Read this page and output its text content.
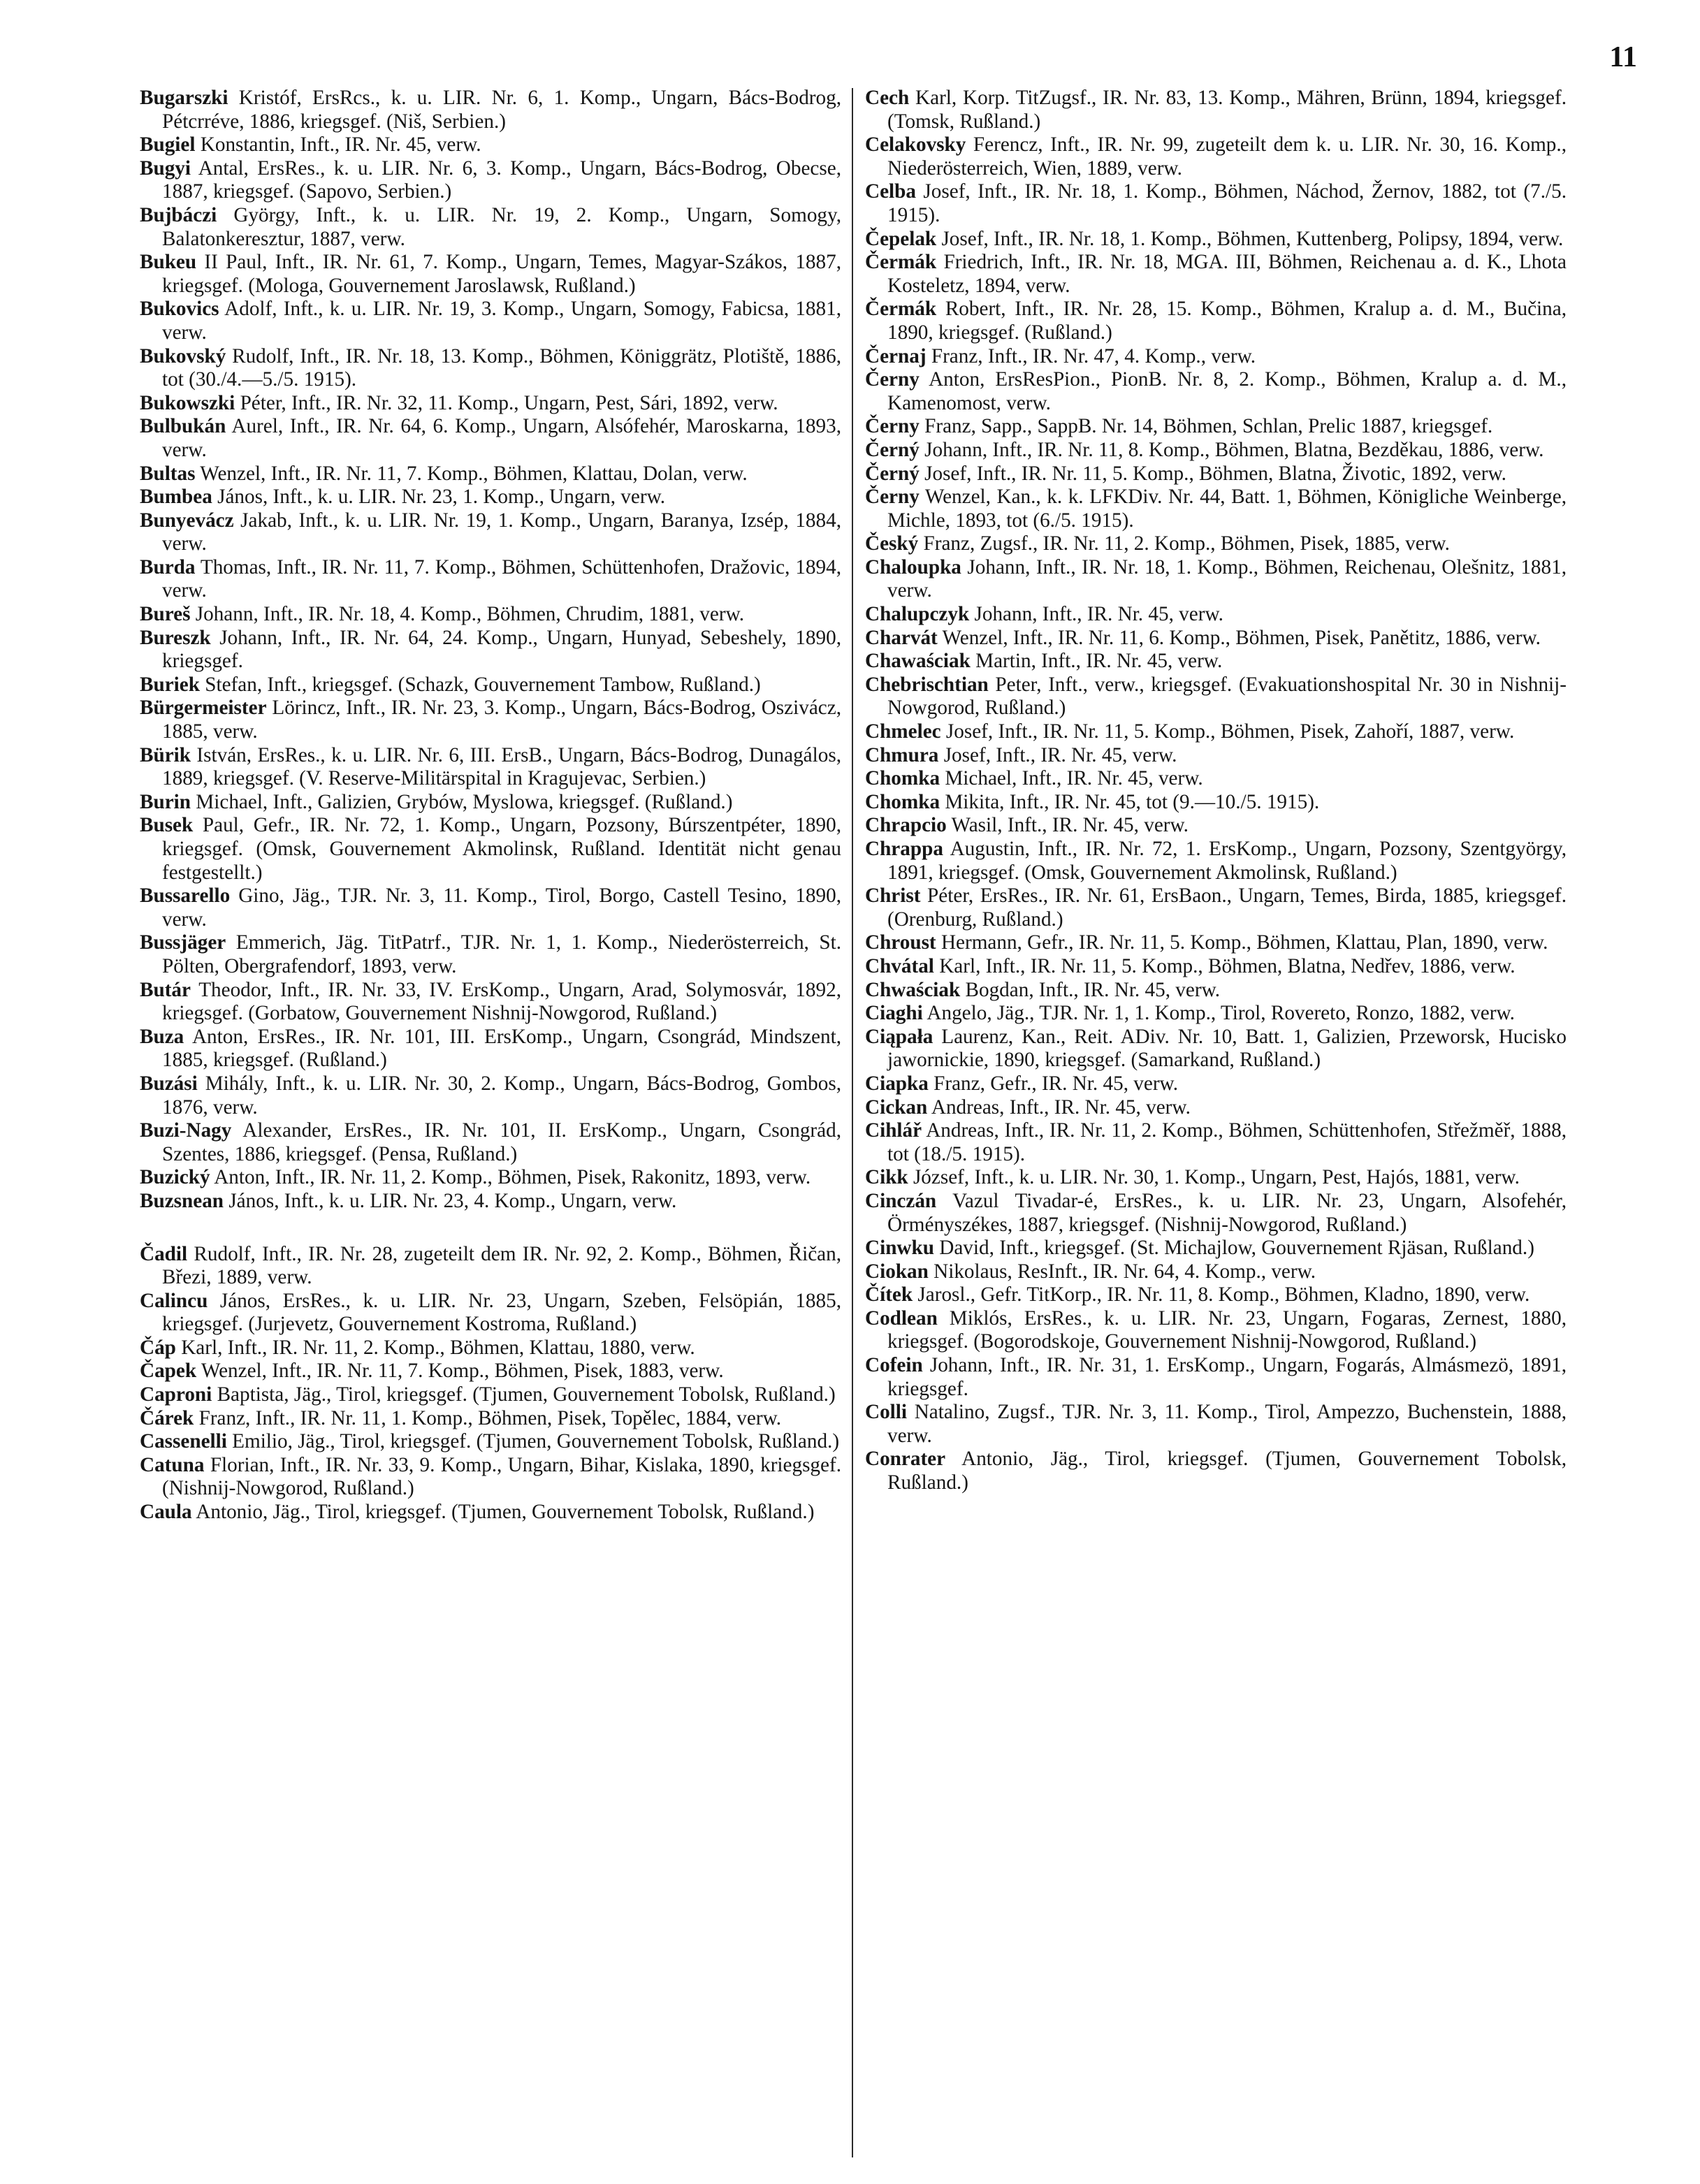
11

Bugarszki Kristóf, ErsRcs., k. u. LIR. Nr. 6, 1. Komp., Ungarn, Bács-Bodrog, Pétcrréve, 1886, kriegsgef. (Niš, Serbien.)

Bugiel Konstantin, Inft., IR. Nr. 45, verw.

Bugyi Antal, ErsRes., k. u. LIR. Nr. 6, 3. Komp., Ungarn, Bács-Bodrog, Obecse, 1887, kriegsgef. (Sapovo, Serbien.)

Bujbáczi György, Inft., k. u. LIR. Nr. 19, 2. Komp., Ungarn, Somogy, Balatonkeresztur, 1887, verw.

Bukeu II Paul, Inft., IR. Nr. 61, 7. Komp., Ungarn, Temes, Magyar-Szákos, 1887, kriegsgef. (Mologa, Gouvernement Jaroslawsk, Rußland.)

Bukovics Adolf, Inft., k. u. LIR. Nr. 19, 3. Komp., Ungarn, Somogy, Fabicsa, 1881, verw.

Bukovský Rudolf, Inft., IR. Nr. 18, 13. Komp., Böhmen, Königgrätz, Plotiště, 1886, tot (30./4.—5./5. 1915).

Bukowszki Péter, Inft., IR. Nr. 32, 11. Komp., Ungarn, Pest, Sári, 1892, verw.

Bulbukán Aurel, Inft., IR. Nr. 64, 6. Komp., Ungarn, Alsófehér, Maroskarna, 1893, verw.

Bultas Wenzel, Inft., IR. Nr. 11, 7. Komp., Böhmen, Klattau, Dolan, verw.

Bumbea János, Inft., k. u. LIR. Nr. 23, 1. Komp., Ungarn, verw.

Bunyevácz Jakab, Inft., k. u. LIR. Nr. 19, 1. Komp., Ungarn, Baranya, Izsép, 1884, verw.

Burda Thomas, Inft., IR. Nr. 11, 7. Komp., Böhmen, Schüttenhofen, Dražovic, 1894, verw.

Bureš Johann, Inft., IR. Nr. 18, 4. Komp., Böhmen, Chrudim, 1881, verw.

Bureszk Johann, Inft., IR. Nr. 64, 24. Komp., Ungarn, Hunyad, Sebeshely, 1890, kriegsgef.

Buriek Stefan, Inft., kriegsgef. (Schazk, Gouvernement Tambow, Rußland.)

Bürgermeister Lörincz, Inft., IR. Nr. 23, 3. Komp., Ungarn, Bács-Bodrog, Oszivácz, 1885, verw.

Bürik István, ErsRes., k. u. LIR. Nr. 6, III. ErsB., Ungarn, Bács-Bodrog, Dunagálos, 1889, kriegsgef. (V. Reserve-Militärspital in Kragujevac, Serbien.)

Burin Michael, Inft., Galizien, Grybów, Myslowa, kriegsgef. (Rußland.)

Busek Paul, Gefr., IR. Nr. 72, 1. Komp., Ungarn, Pozsony, Búrszentpéter, 1890, kriegsgef. (Omsk, Gouvernement Akmolinsk, Rußland. Identität nicht genau festgestellt.)

Bussarello Gino, Jäg., TJR. Nr. 3, 11. Komp., Tirol, Borgo, Castell Tesino, 1890, verw.

Bussjäger Emmerich, Jäg. TitPatrf., TJR. Nr. 1, 1. Komp., Niederösterreich, St. Pölten, Obergrafendorf, 1893, verw.

Butár Theodor, Inft., IR. Nr. 33, IV. ErsKomp., Ungarn, Arad, Solymosvár, 1892, kriegsgef. (Gorbatow, Gouvernement Nishnij-Nowgorod, Rußland.)

Buza Anton, ErsRes., IR. Nr. 101, III. ErsKomp., Ungarn, Csongrád, Mindszent, 1885, kriegsgef. (Rußland.)

Buzási Mihály, Inft., k. u. LIR. Nr. 30, 2. Komp., Ungarn, Bács-Bodrog, Gombos, 1876, verw.

Buzi-Nagy Alexander, ErsRes., IR. Nr. 101, II. ErsKomp., Ungarn, Csongrád, Szentes, 1886, kriegsgef. (Pensa, Rußland.)

Buzický Anton, Inft., IR. Nr. 11, 2. Komp., Böhmen, Pisek, Rakonitz, 1893, verw.

Buzsnean János, Inft., k. u. LIR. Nr. 23, 4. Komp., Ungarn, verw.

Čadil Rudolf, Inft., IR. Nr. 28, zugeteilt dem IR. Nr. 92, 2. Komp., Böhmen, Řičan, Březi, 1889, verw.

Calincu János, ErsRes., k. u. LIR. Nr. 23, Ungarn, Szeben, Felsöpián, 1885, kriegsgef. (Jurjevetz, Gouvernement Kostroma, Rußland.)

Čáp Karl, Inft., IR. Nr. 11, 2. Komp., Böhmen, Klattau, 1880, verw.

Čapek Wenzel, Inft., IR. Nr. 11, 7. Komp., Böhmen, Pisek, 1883, verw.

Caproni Baptista, Jäg., Tirol, kriegsgef. (Tjumen, Gouvernement Tobolsk, Rußland.)

Čárek Franz, Inft., IR. Nr. 11, 1. Komp., Böhmen, Pisek, Topělec, 1884, verw.

Cassenelli Emilio, Jäg., Tirol, kriegsgef. (Tjumen, Gouvernement Tobolsk, Rußland.)

Catuna Florian, Inft., IR. Nr. 33, 9. Komp., Ungarn, Bihar, Kislaka, 1890, kriegsgef. (Nishnij-Nowgorod, Rußland.)

Caula Antonio, Jäg., Tirol, kriegsgef. (Tjumen, Gouvernement Tobolsk, Rußland.)

Cech Karl, Korp. TitZugsf., IR. Nr. 83, 13. Komp., Mähren, Brünn, 1894, kriegsgef. (Tomsk, Rußland.)

Celakovsky Ferencz, Inft., IR. Nr. 99, zugeteilt dem k. u. LIR. Nr. 30, 16. Komp., Niederösterreich, Wien, 1889, verw.

Celba Josef, Inft., IR. Nr. 18, 1. Komp., Böhmen, Náchod, Žernov, 1882, tot (7./5. 1915).

Čepelak Josef, Inft., IR. Nr. 18, 1. Komp., Böhmen, Kuttenberg, Polipsy, 1894, verw.

Čermák Friedrich, Inft., IR. Nr. 18, MGA. III, Böhmen, Reichenau a. d. K., Lhota Kosteletz, 1894, verw.

Čermák Robert, Inft., IR. Nr. 28, 15. Komp., Böhmen, Kralup a. d. M., Bučina, 1890, kriegsgef. (Rußland.)

Černaj Franz, Inft., IR. Nr. 47, 4. Komp., verw.

Černy Anton, ErsResPion., PionB. Nr. 8, 2. Komp., Böhmen, Kralup a. d. M., Kamenomost, verw.

Černy Franz, Sapp., SappB. Nr. 14, Böhmen, Schlan, Prelic 1887, kriegsgef.

Černý Johann, Inft., IR. Nr. 11, 8. Komp., Böhmen, Blatna, Bezděkau, 1886, verw.

Černý Josef, Inft., IR. Nr. 11, 5. Komp., Böhmen, Blatna, Životic, 1892, verw.

Černy Wenzel, Kan., k. k. LFKDiv. Nr. 44, Batt. 1, Böhmen, Königliche Weinberge, Michle, 1893, tot (6./5. 1915).

Český Franz, Zugsf., IR. Nr. 11, 2. Komp., Böhmen, Pisek, 1885, verw.

Chaloupka Johann, Inft., IR. Nr. 18, 1. Komp., Böhmen, Reichenau, Olešnitz, 1881, verw.

Chalupczyk Johann, Inft., IR. Nr. 45, verw.

Charvát Wenzel, Inft., IR. Nr. 11, 6. Komp., Böhmen, Pisek, Panětitz, 1886, verw.

Chawaściak Martin, Inft., IR. Nr. 45, verw.

Chebrischtian Peter, Inft., verw., kriegsgef. (Evakuationshospital Nr. 30 in Nishnij-Nowgorod, Rußland.)

Chmelec Josef, Inft., IR. Nr. 11, 5. Komp., Böhmen, Pisek, Zahoří, 1887, verw.

Chmura Josef, Inft., IR. Nr. 45, verw.

Chomka Michael, Inft., IR. Nr. 45, verw.

Chomka Mikita, Inft., IR. Nr. 45, tot (9.—10./5. 1915).

Chrapcio Wasil, Inft., IR. Nr. 45, verw.

Chrappa Augustin, Inft., IR. Nr. 72, 1. ErsKomp., Ungarn, Pozsony, Szentgyörgy, 1891, kriegsgef. (Omsk, Gouvernement Akmolinsk, Rußland.)

Christ Péter, ErsRes., IR. Nr. 61, ErsBaon., Ungarn, Temes, Birda, 1885, kriegsgef. (Orenburg, Rußland.)

Chroust Hermann, Gefr., IR. Nr. 11, 5. Komp., Böhmen, Klattau, Plan, 1890, verw.

Chvátal Karl, Inft., IR. Nr. 11, 5. Komp., Böhmen, Blatna, Nedřev, 1886, verw.

Chwaściak Bogdan, Inft., IR. Nr. 45, verw.

Ciaghi Angelo, Jäg., TJR. Nr. 1, 1. Komp., Tirol, Rovereto, Ronzo, 1882, verw.

Ciąpała Laurenz, Kan., Reit. ADiv. Nr. 10, Batt. 1, Galizien, Przeworsk, Hucisko jawornickie, 1890, kriegsgef. (Samarkand, Rußland.)

Ciapka Franz, Gefr., IR. Nr. 45, verw.

Cickan Andreas, Inft., IR. Nr. 45, verw.

Cihlář Andreas, Inft., IR. Nr. 11, 2. Komp., Böhmen, Schüttenhofen, Střežměř, 1888, tot (18./5. 1915).

Cikk József, Inft., k. u. LIR. Nr. 30, 1. Komp., Ungarn, Pest, Hajós, 1881, verw.

Cinczán Vazul Tivadar-é, ErsRes., k. u. LIR. Nr. 23, Ungarn, Alsofehér, Örményszékes, 1887, kriegsgef. (Nishnij-Nowgorod, Rußland.)

Cinwku David, Inft., kriegsgef. (St. Michajlow, Gouvernement Rjäsan, Rußland.)

Ciokan Nikolaus, ResInft., IR. Nr. 64, 4. Komp., verw.

Čítek Jarosl., Gefr. TitKorp., IR. Nr. 11, 8. Komp., Böhmen, Kladno, 1890, verw.

Codlean Miklós, ErsRes., k. u. LIR. Nr. 23, Ungarn, Fogaras, Zernest, 1880, kriegsgef. (Bogorodskoje, Gouvernement Nishnij-Nowgorod, Rußland.)

Cofein Johann, Inft., IR. Nr. 31, 1. ErsKomp., Ungarn, Fogarás, Almásmezö, 1891, kriegsgef.

Colli Natalino, Zugsf., TJR. Nr. 3, 11. Komp., Tirol, Ampezzo, Buchenstein, 1888, verw.

Conrater Antonio, Jäg., Tirol, kriegsgef. (Tjumen, Gouvernement Tobolsk, Rußland.)
